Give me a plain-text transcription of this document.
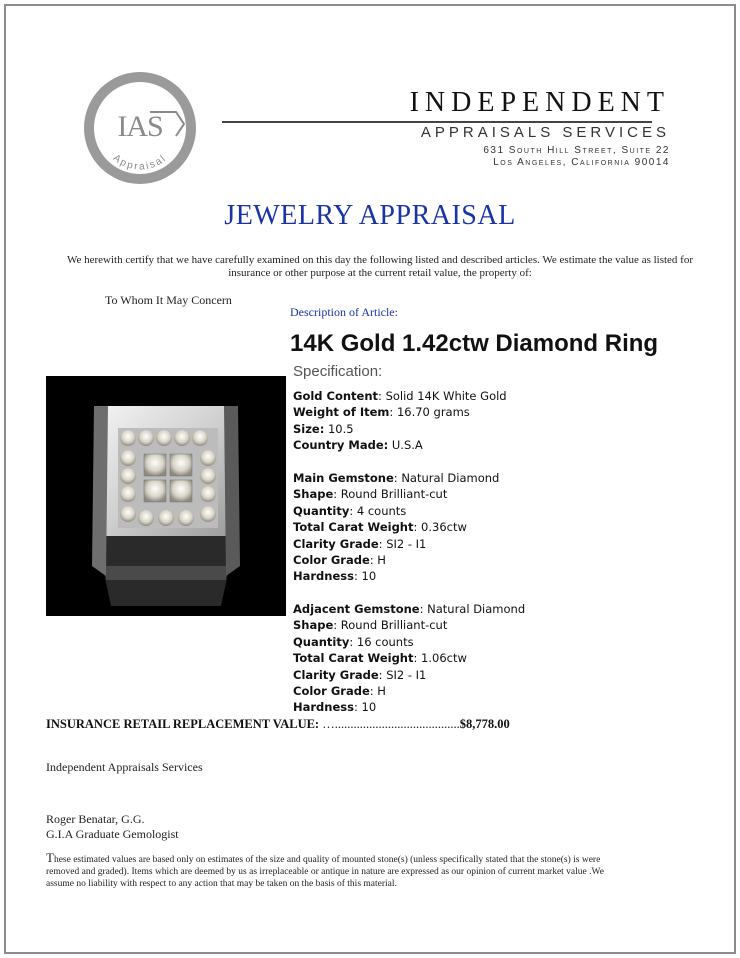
IAS
Appraisal
INDEPENDENT
APPRAISALS SERVICES
631 South Hill Street, Suite 22
Los Angeles, California 90014
JEWELRY APPRAISAL
We herewith certify that we have carefully examined on this day the following listed and described articles. We estimate the value as listed for insurance or other purpose at the current retail value, the property of:
To Whom It May Concern
Description of Article:
14K Gold 1.42ctw Diamond Ring
Specification:
Gold Content: Solid 14K White Gold
Weight of Item: 16.70 grams
Size: 10.5
Country Made: U.S.A
Main Gemstone: Natural Diamond
Shape: Round Brilliant-cut
Quantity: 4 counts
Total Carat Weight: 0.36ctw
Clarity Grade: SI2 - I1
Color Grade: H
Hardness: 10
Adjacent Gemstone: Natural Diamond
Shape: Round Brilliant-cut
Quantity: 16 counts
Total Carat Weight: 1.06ctw
Clarity Grade: SI2 - I1
Color Grade: H
Hardness: 10
INSURANCE RETAIL REPLACEMENT VALUE: …........................................$8,778.00
Independent Appraisals Services
Roger Benatar, G.G.
G.I.A Graduate Gemologist
These estimated values are based only on estimates of the size and quality of mounted stone(s) (unless specifically stated that the stone(s) is were removed and graded). Items which are deemed by us as irreplaceable or antique in nature are expressed as our opinion of current market value .We assume no liability with respect to any action that may be taken on the basis of this material.
